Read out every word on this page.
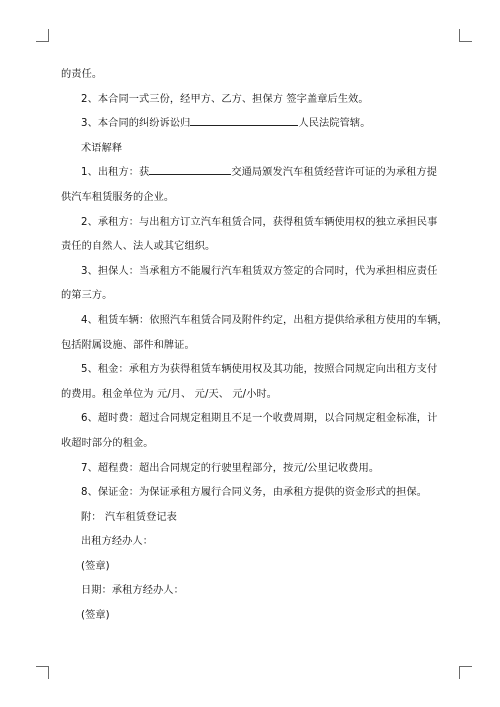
的责任。
2、本合同一式三份，经甲方、乙方、担保方 签字盖章后生效。
3、本合同的纠纷诉讼归	人民法院管辖。
术语解释
1、出租方：获	交通局颁发汽车租赁经营许可证的为承租方提
供汽车租赁服务的企业。
2、承租方：与出租方订立汽车租赁合同，获得租赁车辆使用权的独立承担民事
责任的自然人、法人或其它组织。
3、担保人：当承租方不能履行汽车租赁双方签定的合同时，代为承担相应责任
的第三方。
4、租赁车辆：依照汽车租赁合同及附件约定，出租方提供给承租方使用的车辆，
包括附属设施、部件和牌证。
5、租金：承租方为获得租赁车辆使用权及其功能，按照合同规定向出租方支付
的费用。租金单位为 元/月、 元/天、 元/小时。
6、超时费：超过合同规定租期且不足一个收费周期，以合同规定租金标准，计
收超时部分的租金。
7、超程费：超出合同规定的行驶里程部分，按元/公里记收费用。
8、保证金：为保证承租方履行合同义务，由承租方提供的资金形式的担保。
附： 汽车租赁登记表
出租方经办人：
(签章)
日期：承租方经办人：
(签章)
